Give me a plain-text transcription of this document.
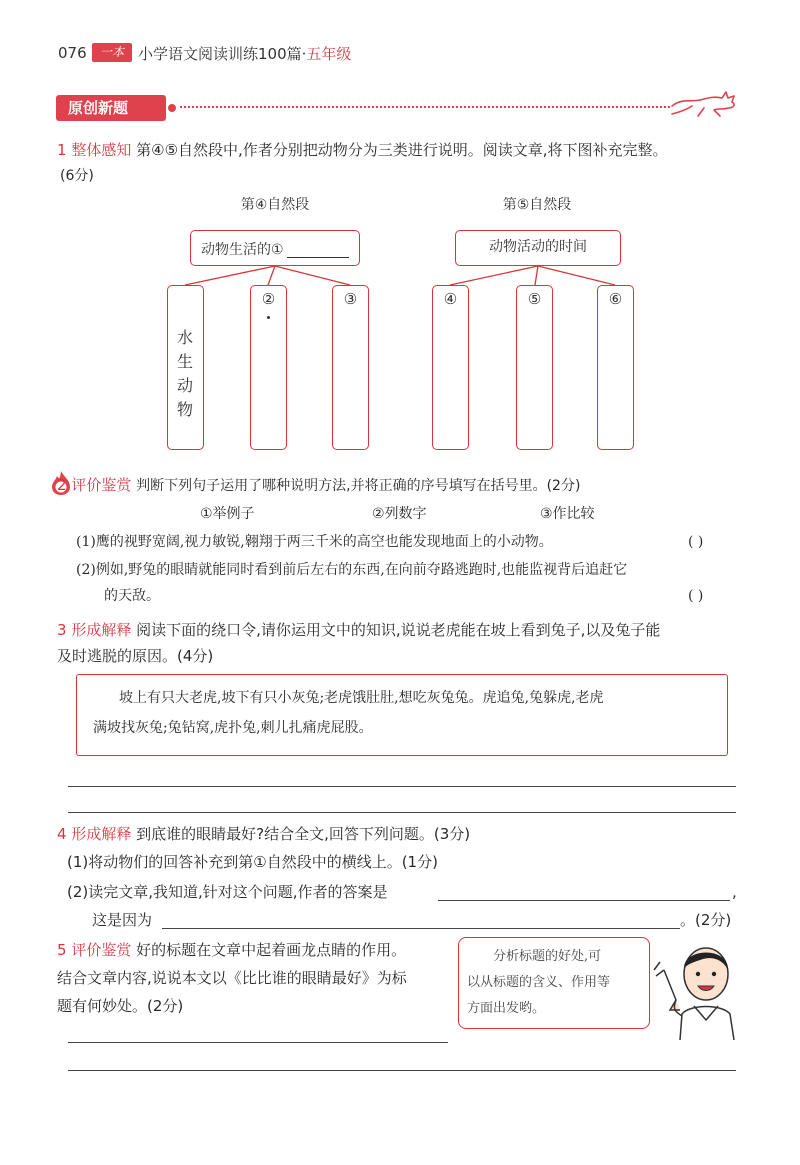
076	一本 小学语文阅读训练100篇·五年级
原创新题
1 整体感知 第④⑤自然段中,作者分别把动物分为三类进行说明。阅读文章,将下图补充完整。
(6分)
第④自然段	第⑤自然段
动物生活的①	动物活动的时间
水
生
动
物
②	③	④	⑤	⑥
2 评价鉴赏 判断下列句子运用了哪种说明方法,并将正确的序号填写在括号里。(2分)
①举例子	②列数字	③作比较
(1)鹰的视野宽阔,视力敏锐,翱翔于两三千米的高空也能发现地面上的小动物。	( )
(2)例如,野兔的眼睛就能同时看到前后左右的东西,在向前夺路逃跑时,也能监视背后追赶它
的天敌。	( )
3 形成解释 阅读下面的绕口令,请你运用文中的知识,说说老虎能在坡上看到兔子,以及兔子能
及时逃脱的原因。(4分)
坡上有只大老虎,坡下有只小灰兔;老虎饿肚肚,想吃灰兔兔。虎追兔,兔躲虎,老虎
满坡找灰兔;兔钻窝,虎扑兔,刺儿扎痛虎屁股。
4 形成解释 到底谁的眼睛最好?结合全文,回答下列问题。(3分)
(1)将动物们的回答补充到第①自然段中的横线上。(1分)
(2)读完文章,我知道,针对这个问题,作者的答案是	,
这是因为	。(2分)
5 评价鉴赏 好的标题在文章中起着画龙点睛的作用。
结合文章内容,说说本文以《比比谁的眼睛最好》为标
题有何妙处。(2分)
分析标题的好处,可
以从标题的含义、作用等
方面出发哟。
